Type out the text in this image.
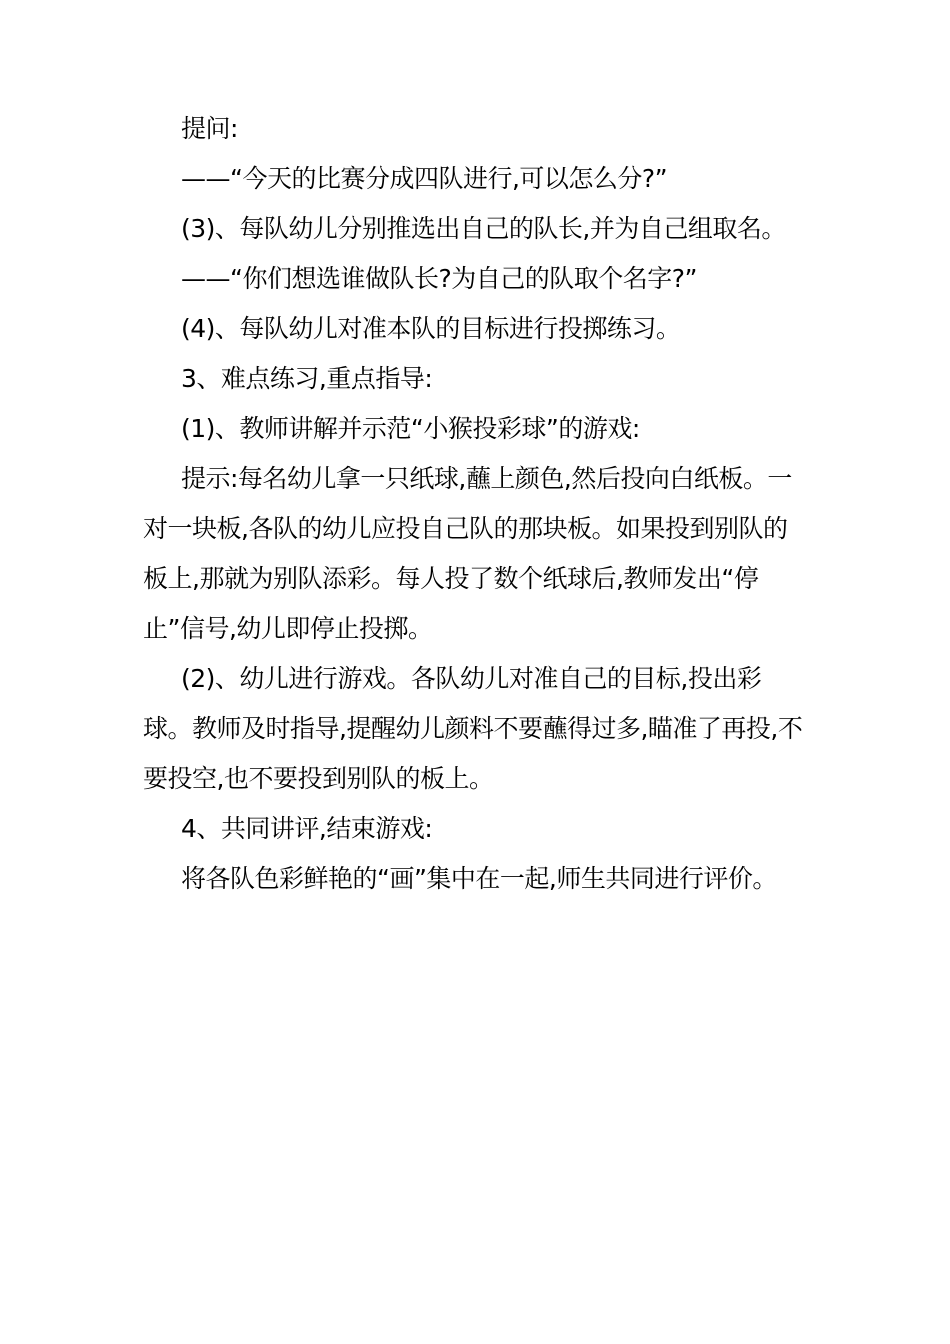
提问:

——“今天的比赛分成四队进行,可以怎么分?”

(3)、每队幼儿分别推选出自己的队长,并为自己组取名。

——“你们想选谁做队长?为自己的队取个名字?”

(4)、每队幼儿对准本队的目标进行投掷练习。

3、难点练习,重点指导:

(1)、教师讲解并示范“小猴投彩球”的游戏:

提示:每名幼儿拿一只纸球,蘸上颜色,然后投向白纸板。一对一块板,各队的幼儿应投自己队的那块板。如果投到别队的板上,那就为别队添彩。每人投了数个纸球后,教师发出“停止”信号,幼儿即停止投掷。

(2)、幼儿进行游戏。各队幼儿对准自己的目标,投出彩球。教师及时指导,提醒幼儿颜料不要蘸得过多,瞄准了再投,不要投空,也不要投到别队的板上。

4、共同讲评,结束游戏:

将各队色彩鲜艳的“画”集中在一起,师生共同进行评价。
